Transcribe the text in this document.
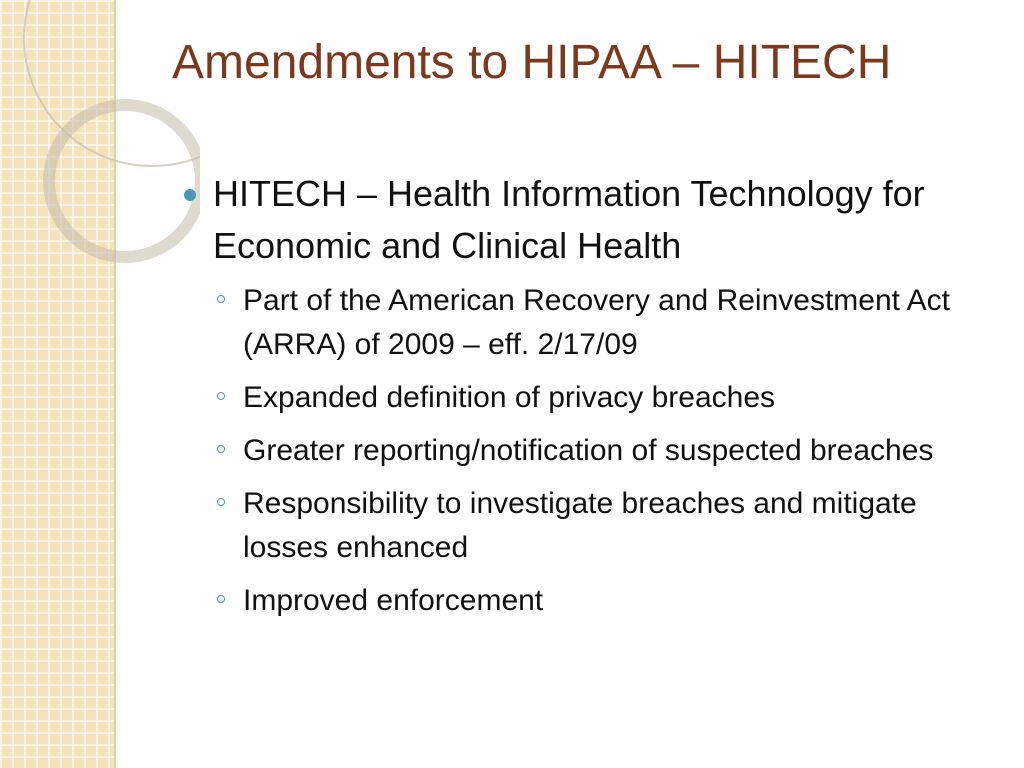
Amendments to HIPAA – HITECH
HITECH – Health Information Technology for Economic and Clinical Health
Part of the American Recovery and Reinvestment Act (ARRA) of 2009 – eff. 2/17/09
Expanded definition of privacy breaches
Greater reporting/notification of suspected breaches
Responsibility to investigate breaches and mitigate losses enhanced
Improved enforcement
